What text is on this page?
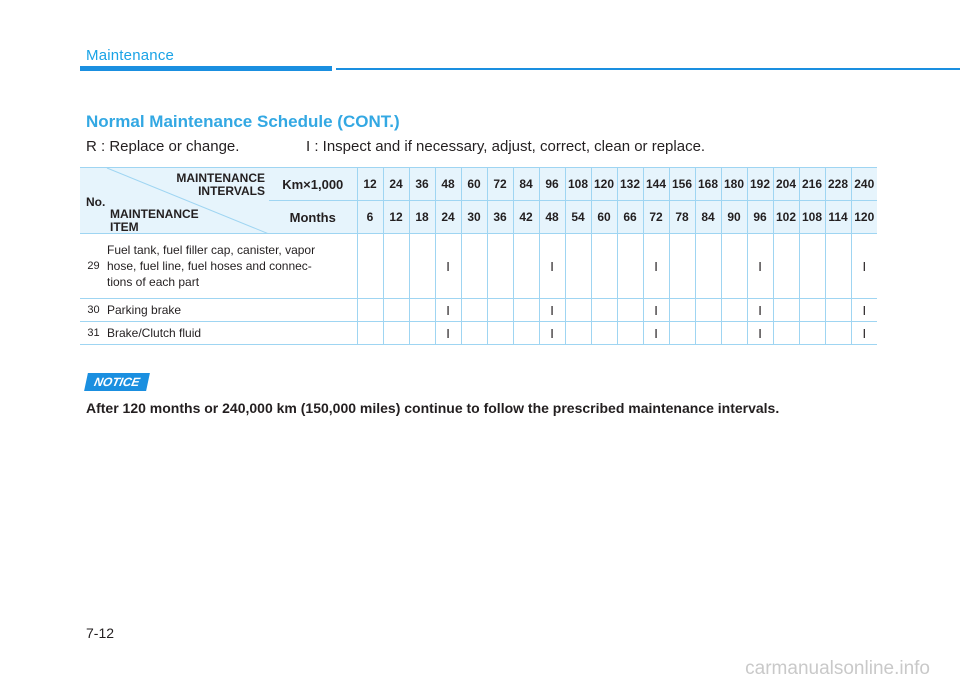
Maintenance
Normal Maintenance Schedule (CONT.)
R : Replace or change.	I : Inspect and if necessary, adjust, correct, clean or replace.
No.
MAINTENANCE
INTERVALS
MAINTENANCE
ITEM		Km×1,000	12	24	36	48	60	72	84	96	108	120	132	144	156	168	180	192	204	216	228	240
		Months	6	12	18	24	30	36	42	48	54	60	66	72	78	84	90	96	102	108	114	120
29	Fuel tank, fuel filler cap, canister, vapor hose, fuel line, fuel hoses and connec-tions of each part					I				I				I				I				I
30	Parking brake					I				I				I				I				I
31	Brake/Clutch fluid					I				I				I				I				I
NOTICE
After 120 months or 240,000 km (150,000 miles) continue to follow the prescribed maintenance intervals.
7-12
carmanualsonline.info
